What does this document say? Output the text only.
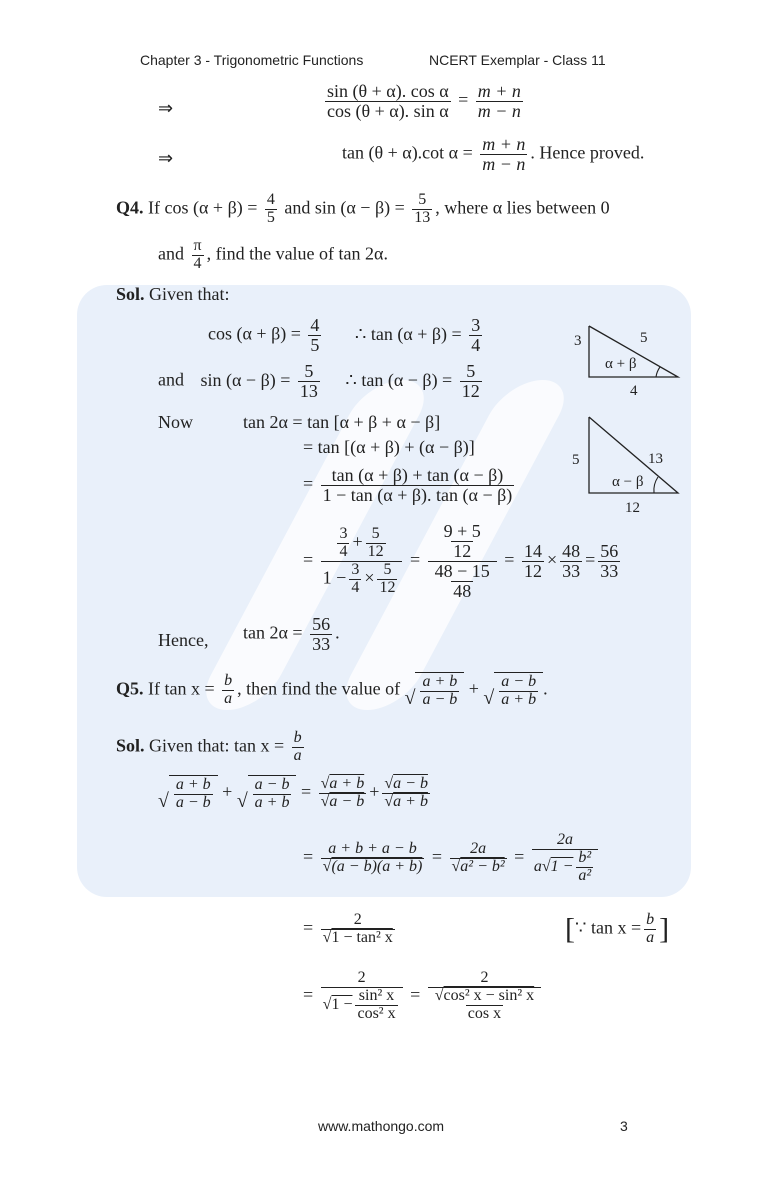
Chapter 3 - Trigonometric Functions	NCERT Exemplar - Class 11
⇒	$\frac{\text{sin (θ + α). cos α}}{\text{cos (θ + α). sin α}} = \frac{m + n}{m - n}$
⇒	tan (θ + α).cot $\alpha = \frac{m + n}{m - n}$ . Hence proved.
Q4. If $\cos (\alpha + \beta) = \frac{4}{5}$ and $\sin (\alpha - \beta) = \frac{5}{13}$ , where α lies between 0
and $\frac{\pi}{4}$ , find the value of tan 2α.
Sol. Given that:
$\cos (\alpha + \beta) = \frac{4}{5}$ ∴ $\tan (\alpha + \beta) = \frac{3}{4}$
and $\sin (\alpha - \beta) = \frac{5}{13}$ ∴ $\tan (\alpha - \beta) = \frac{5}{12}$
Now	tan 2α = tan [α + β + α − β]
= tan [(α + β) + (α − β)]
= $\frac{\tan (\alpha + \beta) + \tan (\alpha - \beta)}{1 - \tan (\alpha + \beta). \tan (\alpha - \beta)}$
= $\frac{\frac{3}{4} + \frac{5}{12}}{1 - \frac{3}{4} \times \frac{5}{12}} = \frac{\frac{9 + 5}{12}}{\frac{48 - 15}{48}} = \frac{14}{12} \times \frac{48}{33} = \frac{56}{33}$
Hence, $\tan 2\alpha = \frac{56}{33}$ .
3	5
α + β
4
5	13
α − β
12
Q5. If $\tan x = \frac{b}{a}$ , then find the value of √ $\frac{a + b}{a - b}$ + √ $\frac{a - b}{a + b}$ .
Sol. Given that: $\tan x = \frac{b}{a}$
√ $\frac{a + b}{a - b}$ + √ $\frac{a - b}{a + b} = \frac{√a + b}{√a - b} + \frac{√a - b}{√a + b}$
= $\frac{a + b + a - b}{√(a - b)(a + b)} = \frac{2a}{\text{√a² − b²}} = \frac{2a}{a√1 - \frac{\text{b²}}{\text{a²}}}$
= $\frac{2}{\text{√1 − tan² x}}$	[∵ $\tan x = \frac{b}{a}$ ]
= $\frac{2}{√1 - \frac{\text{sin² x}}{\text{cos² x}}} = \frac{2}{\frac{\text{√cos² x − sin² x}}{\text{cos x}}}$
www.mathongo.com	3
